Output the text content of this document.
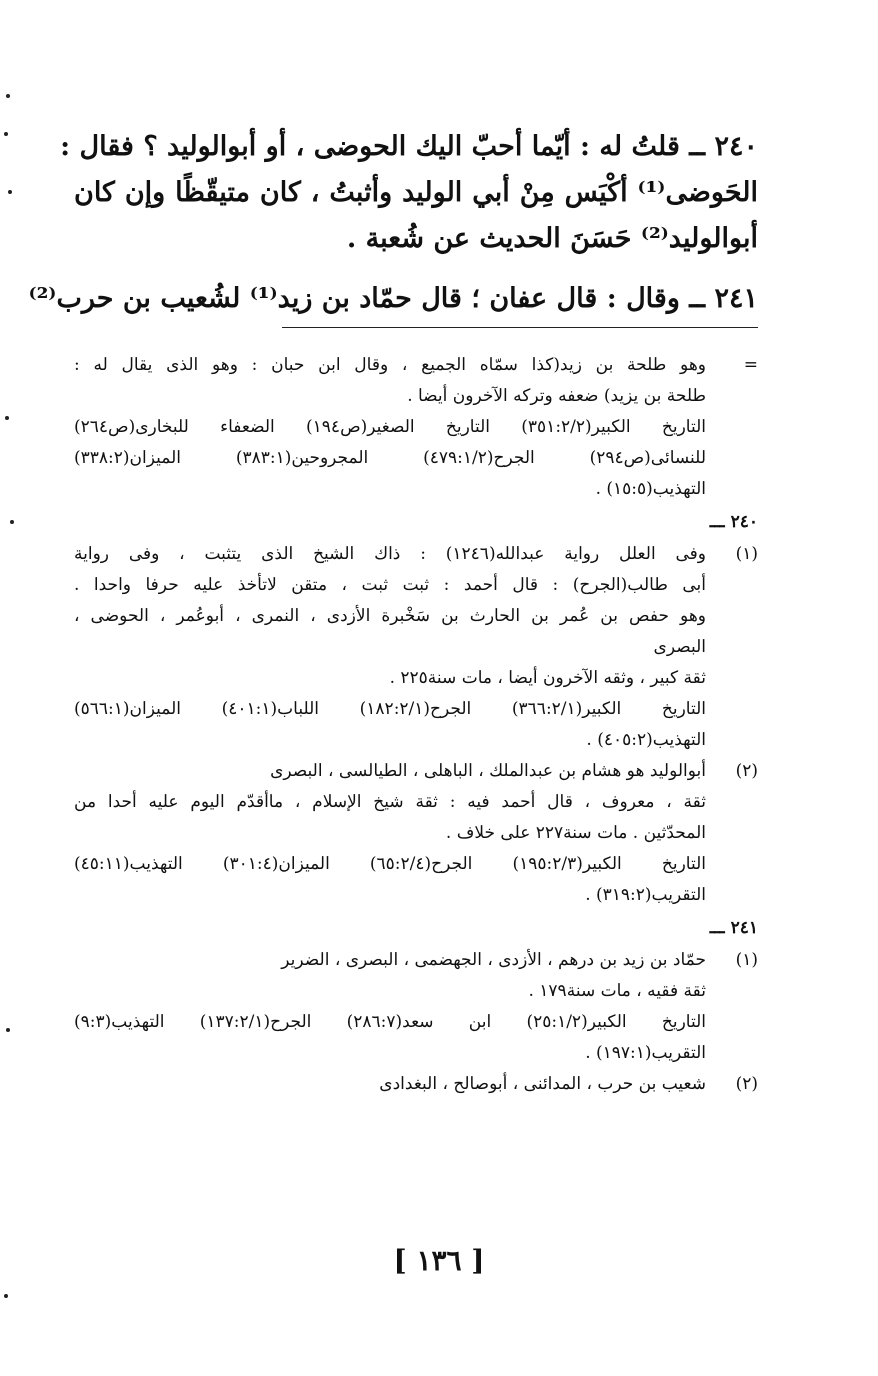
٢٤٠ ــ قلتُ له : أيّما أحبّ اليك الحوضى ، أو أبوالوليد ؟ فقال :
الحَوضى⁽¹⁾ أكْيَس مِنْ أبي الوليد وأثبتُ ، كان متيقّظًا وإن كان
أبوالوليد⁽²⁾ حَسَنَ الحديث عن شُعبة .
٢٤١ ــ وقال : قال عفان ؛ قال حمّاد بن زيد⁽¹⁾ لشُعيب بن حرب⁽²⁾
=
وهو طلحة بن زيد(كذا سمّاه الجميع ، وقال ابن حبان : وهو الذى يقال له :
طلحة بن يزيد) ضعفه وتركه الآخرون أيضا .
التاريخ الكبير(٣٥١:٢/٢) التاريخ الصغير(ص١٩٤) الضعفاء للبخارى(ص٢٦٤)
للنسائى(ص٢٩٤) الجرح(٤٧٩:١/٢) المجروحين(٣٨٣:١) الميزان(٣٣٨:٢)
التهذيب(١٥:٥) .
٢٤٠ ـــ
(١)
وفى العلل رواية عبدالله(١٢٤٦) : ذاك الشيخ الذى يتثبت ، وفى رواية
أبى طالب(الجرح) : قال أحمد : ثبت ثبت ، متقن لاتأخذ عليه حرفا واحدا .
وهو حفص بن عُمر بن الحارث بن سَخْبرة الأزدى ، النمرى ، أبوعُمر ، الحوضى ،
البصرى
ثقة كبير ، وثقه الآخرون أيضا ، مات سنة٢٢٥ .
التاريخ الكبير(٣٦٦:٢/١) الجرح(١٨٢:٢/١) اللباب(٤٠١:١) الميزان(٥٦٦:١)
التهذيب(٤٠٥:٢) .
(٢)
أبوالوليد هو هشام بن عبدالملك ، الباهلى ، الطيالسى ، البصرى
ثقة ، معروف ، قال أحمد فيه : ثقة شيخ الإسلام ، ماأقدّم اليوم عليه أحدا من
المحدّثين . مات سنة٢٢٧ على خلاف .
التاريخ الكبير(١٩٥:٢/٣) الجرح(٦٥:٢/٤) الميزان(٣٠١:٤) التهذيب(٤٥:١١)
التقريب(٣١٩:٢) .
٢٤١ ـــ
(١)
حمّاد بن زيد بن درهم ، الأزدى ، الجهضمى ، البصرى ، الضرير
ثقة فقيه ، مات سنة١٧٩ .
التاريخ الكبير(٢٥:١/٢) ابن سعد(٢٨٦:٧) الجرح(١٣٧:٢/١) التهذيب(٩:٣)
التقريب(١٩٧:١) .
(٢)
شعيب بن حرب ، المدائنى ، أبوصالح ، البغدادى
[ ١٣٦ ]
